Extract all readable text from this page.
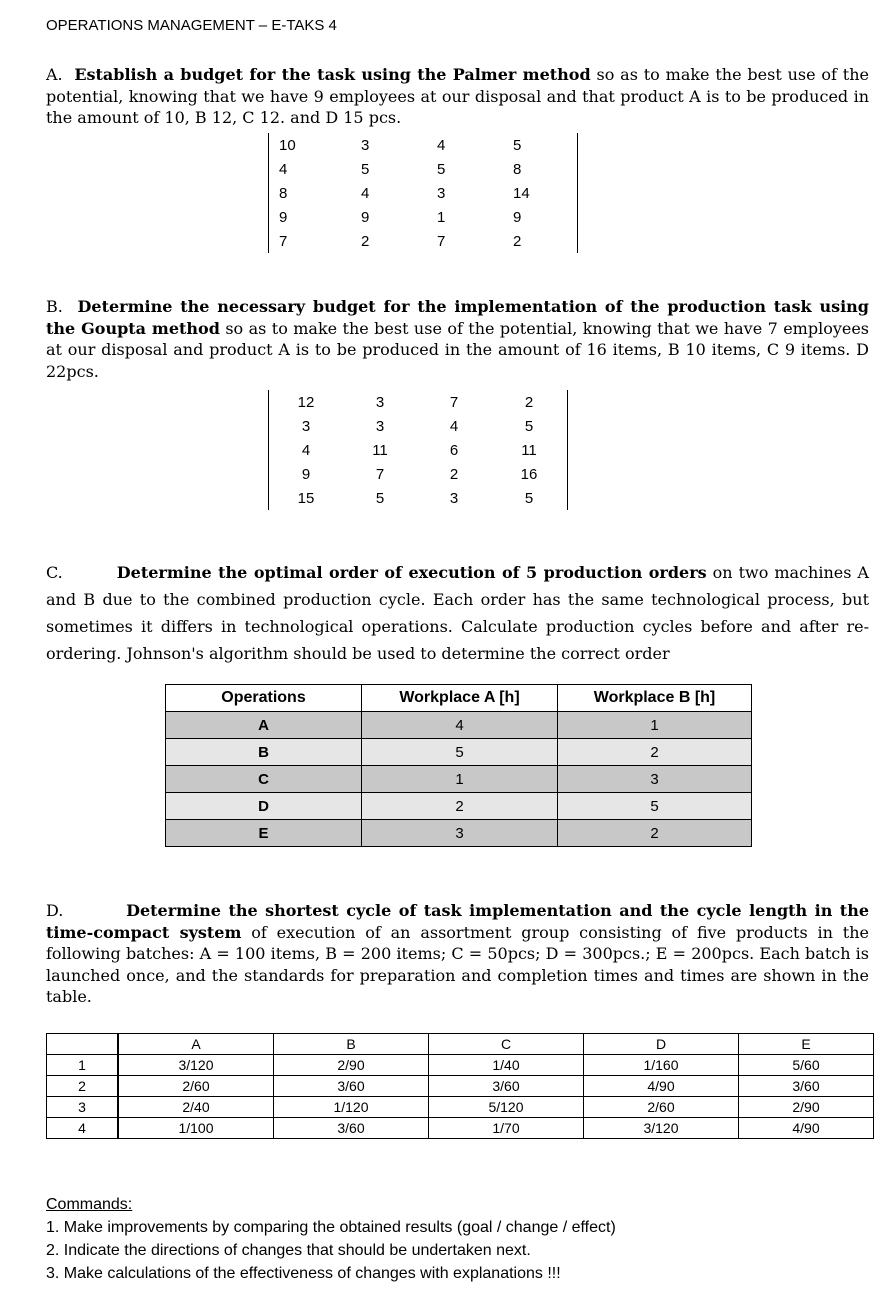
OPERATIONS MANAGEMENT – E-TAKS 4

A. Establish a budget for the task using the Palmer method so as to make the best use of the potential, knowing that we have 9 employees at our disposal and that product A is to be produced in the amount of 10, B 12, C 12. and D 15 pcs.

10	3	4	5
4	5	5	8
8	4	3	14
9	9	1	9
7	2	7	2

B. Determine the necessary budget for the implementation of the production task using the Goupta method so as to make the best use of the potential, knowing that we have 7 employees at our disposal and product A is to be produced in the amount of 16 items, B 10 items, C 9 items. D 22pcs.

12	3	7	2
3	3	4	5
4	11	6	11
9	7	2	16
15	5	3	5

C.	Determine the optimal order of execution of 5 production orders on two machines A and B due to the combined production cycle. Each order has the same technological process, but sometimes it differs in technological operations. Calculate production cycles before and after re-ordering. Johnson's algorithm should be used to determine the correct order

Operations	Workplace A [h]	Workplace B [h]
A	4	1
B	5	2
C	1	3
D	2	5
E	3	2

D.	Determine the shortest cycle of task implementation and the cycle length in the time-compact system of execution of an assortment group consisting of five products in the following batches: A = 100 items, B = 200 items; C = 50pcs; D = 300pcs.; E = 200pcs. Each batch is launched once, and the standards for preparation and completion times and times are shown in the table.

	A	B	C	D	E
1	3/120	2/90	1/40	1/160	5/60
2	2/60	3/60	3/60	4/90	3/60
3	2/40	1/120	5/120	2/60	2/90
4	1/100	3/60	1/70	3/120	4/90
Commands:
1. Make improvements by comparing the obtained results (goal / change / effect)
2. Indicate the directions of changes that should be undertaken next.
3. Make calculations of the effectiveness of changes with explanations !!!
